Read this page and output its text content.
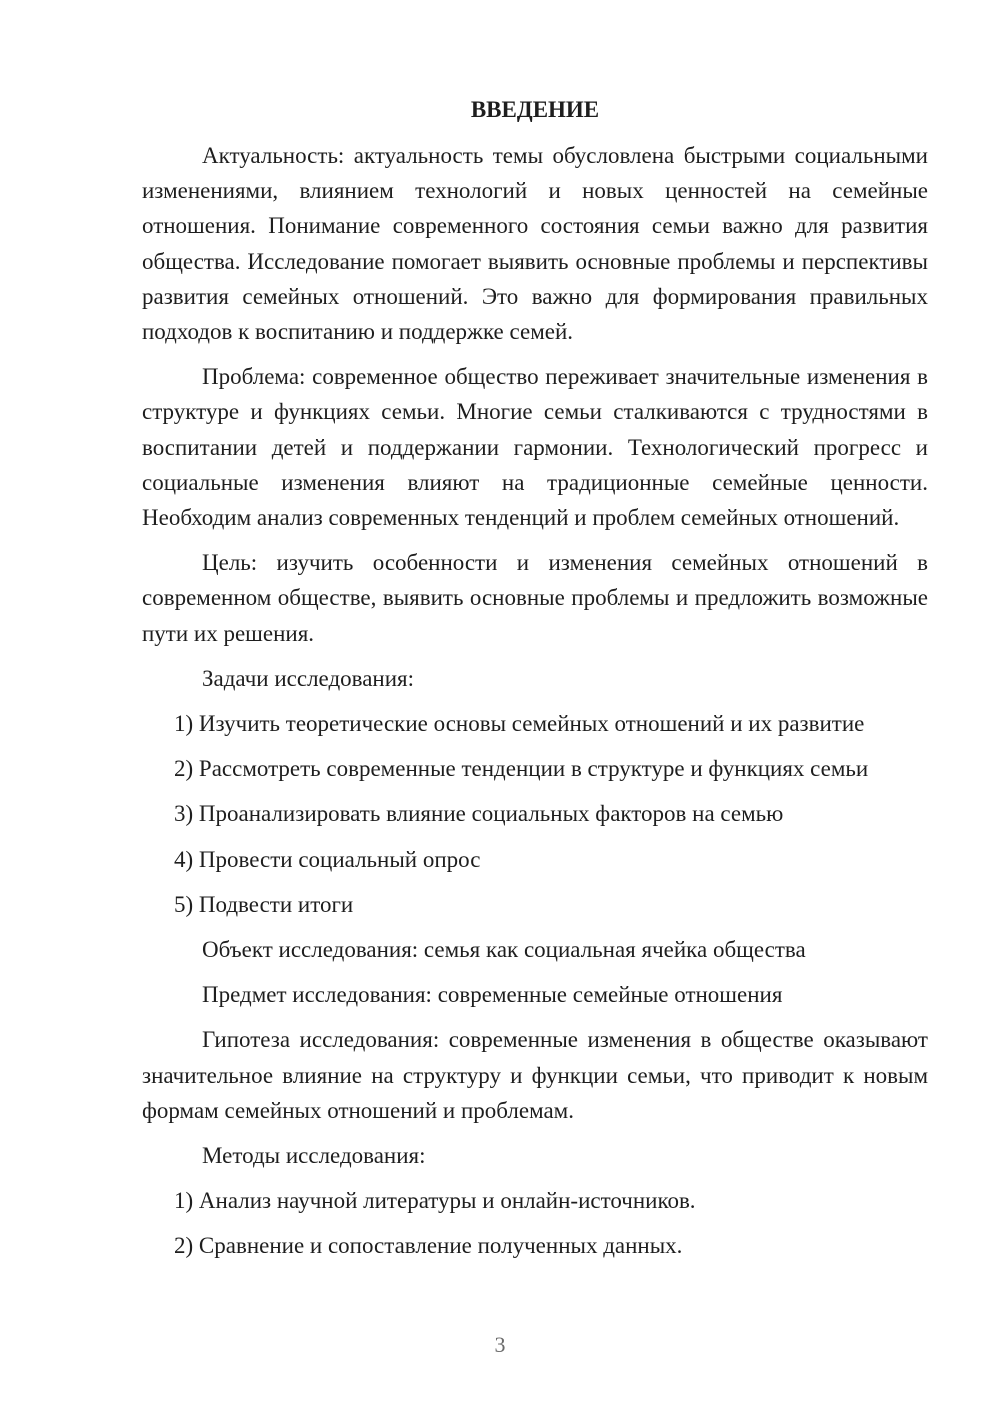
ВВЕДЕНИЕ

Актуальность: актуальность темы обусловлена быстрыми социальными изменениями, влиянием технологий и новых ценностей на семейные отношения. Понимание современного состояния семьи важно для развития общества. Исследование помогает выявить основные проблемы и перспективы развития семейных отношений. Это важно для формирования правильных подходов к воспитанию и поддержке семей.

Проблема: современное общество переживает значительные изменения в структуре и функциях семьи. Многие семьи сталкиваются с трудностями в воспитании детей и поддержании гармонии. Технологический прогресс и социальные изменения влияют на традиционные семейные ценности. Необходим анализ современных тенденций и проблем семейных отношений.

Цель: изучить особенности и изменения семейных отношений в современном обществе, выявить основные проблемы и предложить возможные пути их решения.

Задачи исследования:
1) Изучить теоретические основы семейных отношений и их развитие
2) Рассмотреть современные тенденции в структуре и функциях семьи
3) Проанализировать влияние социальных факторов на семью
4) Провести социальный опрос
5) Подвести итоги
Объект исследования: семья как социальная ячейка общества
Предмет исследования: современные семейные отношения

Гипотеза исследования: современные изменения в обществе оказывают значительное влияние на структуру и функции семьи, что приводит к новым формам семейных отношений и проблемам.

Методы исследования:
1) Анализ научной литературы и онлайн-источников.
2) Сравнение и сопоставление полученных данных.
3
